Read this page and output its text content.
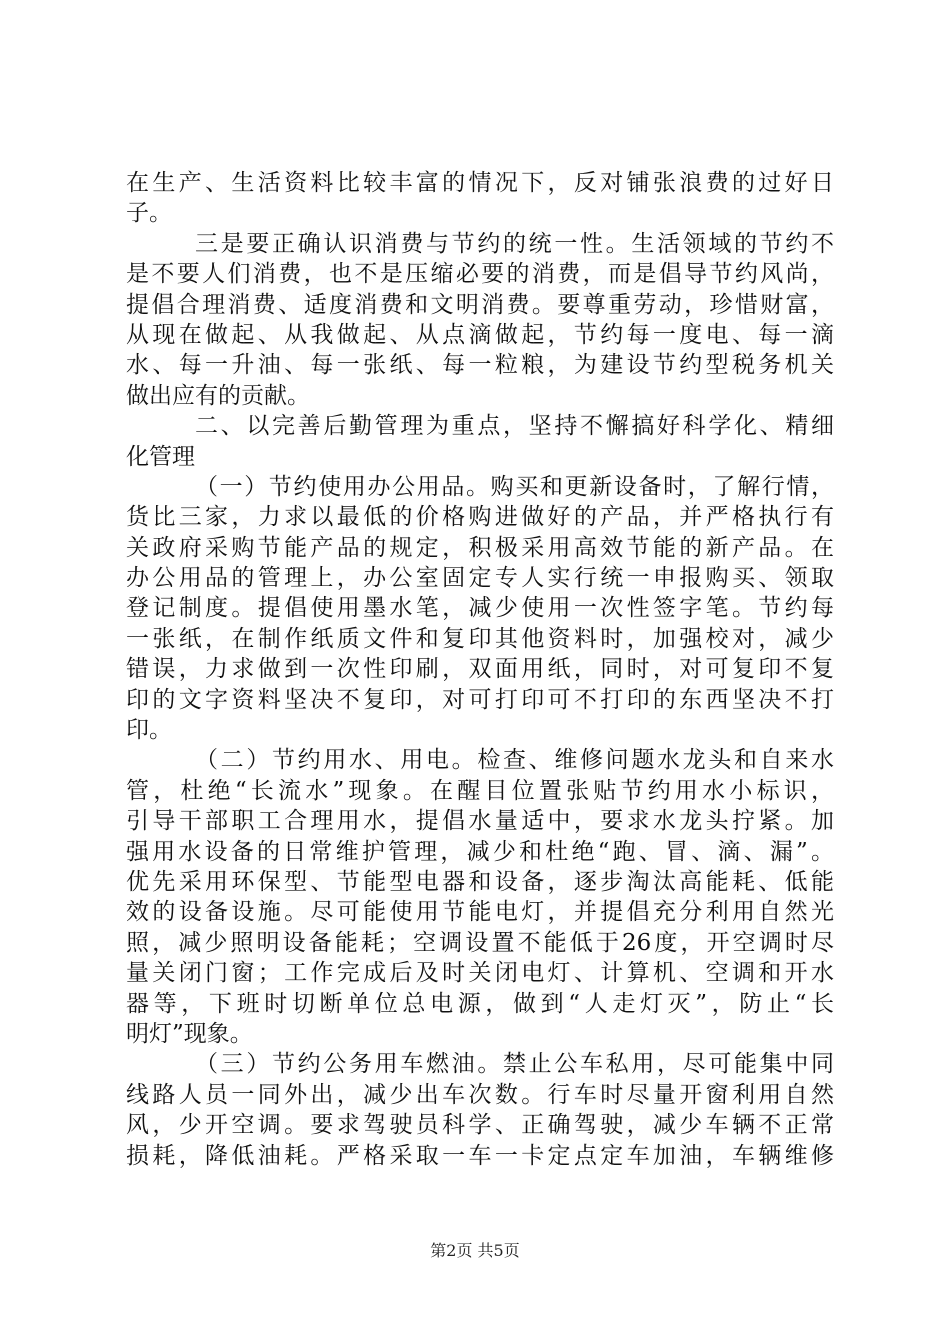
在生产、生活资料比较丰富的情况下，反对铺张浪费的过好日
子。
三是要正确认识消费与节约的统一性。生活领域的节约不
是不要人们消费，也不是压缩必要的消费，而是倡导节约风尚，
提倡合理消费、适度消费和文明消费。要尊重劳动，珍惜财富，
从现在做起、从我做起、从点滴做起，节约每一度电、每一滴
水、每一升油、每一张纸、每一粒粮，为建设节约型税务机关
做出应有的贡献。
二、以完善后勤管理为重点，坚持不懈搞好科学化、精细
化管理
（一）节约使用办公用品。购买和更新设备时，了解行情，
货比三家，力求以最低的价格购进做好的产品，并严格执行有
关政府采购节能产品的规定，积极采用高效节能的新产品。在
办公用品的管理上，办公室固定专人实行统一申报购买、领取
登记制度。提倡使用墨水笔，减少使用一次性签字笔。节约每
一张纸，在制作纸质文件和复印其他资料时，加强校对，减少
错误，力求做到一次性印刷，双面用纸，同时，对可复印不复
印的文字资料坚决不复印，对可打印可不打印的东西坚决不打
印。
（二）节约用水、用电。检查、维修问题水龙头和自来水
管，杜绝“长流水”现象。在醒目位置张贴节约用水小标识，
引导干部职工合理用水，提倡水量适中，要求水龙头拧紧。加
强用水设备的日常维护管理，减少和杜绝“跑、冒、滴、漏”。
优先采用环保型、节能型电器和设备，逐步淘汰高能耗、低能
效的设备设施。尽可能使用节能电灯，并提倡充分利用自然光
照，减少照明设备能耗；空调设置不能低于26度，开空调时尽
量关闭门窗；工作完成后及时关闭电灯、计算机、空调和开水
器等，下班时切断单位总电源，做到“人走灯灭”，防止“长
明灯”现象。
（三）节约公务用车燃油。禁止公车私用，尽可能集中同
线路人员一同外出，减少出车次数。行车时尽量开窗利用自然
风，少开空调。要求驾驶员科学、正确驾驶，减少车辆不正常
损耗，降低油耗。严格采取一车一卡定点定车加油，车辆维修
第2页 共5页
